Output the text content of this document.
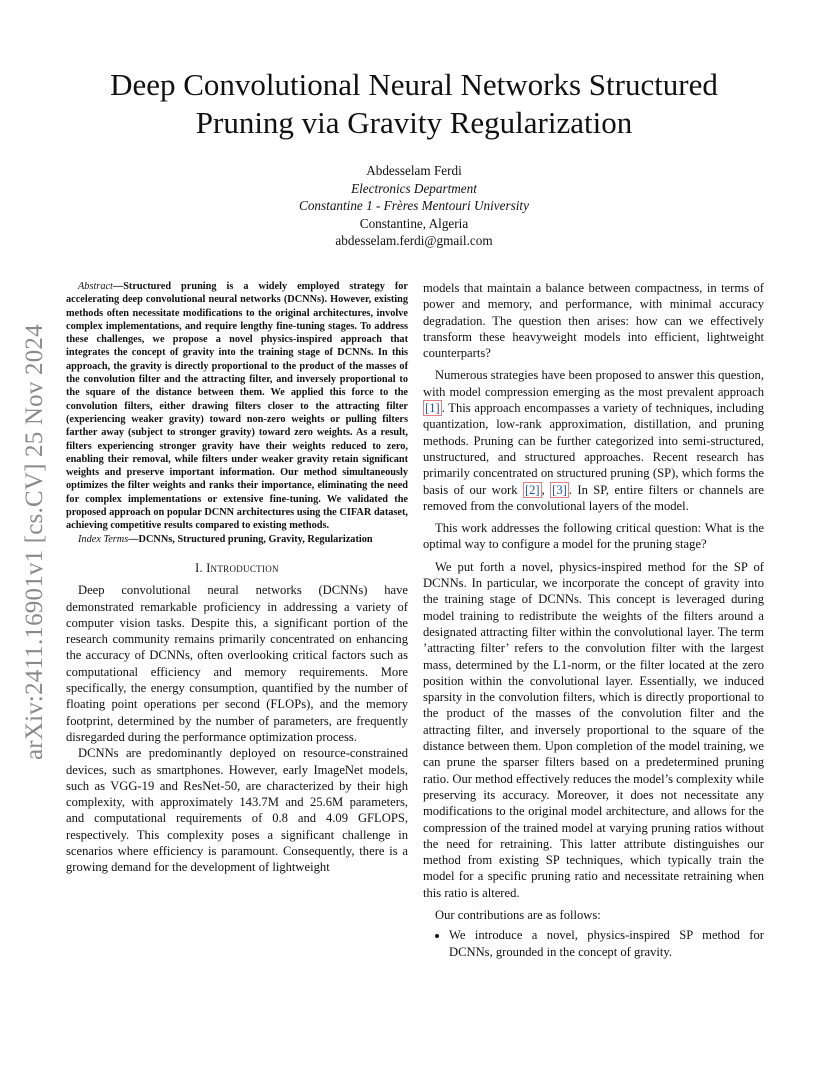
Deep Convolutional Neural Networks Structured
Pruning via Gravity Regularization
Abdesselam Ferdi
Electronics Department
Constantine 1 - Frères Mentouri University
Constantine, Algeria
abdesselam.ferdi@gmail.com
arXiv:2411.16901v1 [cs.CV] 25 Nov 2024

Abstract—Structured pruning is a widely employed strategy for accelerating deep convolutional neural networks (DCNNs). However, existing methods often necessitate modifications to the original architectures, involve complex implementations, and require lengthy fine-tuning stages. To address these challenges, we propose a novel physics-inspired approach that integrates the concept of gravity into the training stage of DCNNs. In this approach, the gravity is directly proportional to the product of the masses of the convolution filter and the attracting filter, and inversely proportional to the square of the distance between them. We applied this force to the convolution filters, either drawing filters closer to the attracting filter (experiencing weaker gravity) toward non-zero weights or pulling filters farther away (subject to stronger gravity) toward zero weights. As a result, filters experiencing stronger gravity have their weights reduced to zero, enabling their removal, while filters under weaker gravity retain significant weights and preserve important information. Our method simultaneously optimizes the filter weights and ranks their importance, eliminating the need for complex implementations or extensive fine-tuning. We validated the proposed approach on popular DCNN architectures using the CIFAR dataset, achieving competitive results compared to existing methods.

Index Terms—DCNNs, Structured pruning, Gravity, Regularization

I. Introduction

Deep convolutional neural networks (DCNNs) have demonstrated remarkable proficiency in addressing a variety of computer vision tasks. Despite this, a significant portion of the research community remains primarily concentrated on enhancing the accuracy of DCNNs, often overlooking critical factors such as computational efficiency and memory requirements. More specifically, the energy consumption, quantified by the number of floating point operations per second (FLOPs), and the memory footprint, determined by the number of parameters, are frequently disregarded during the performance optimization process.

DCNNs are predominantly deployed on resource-constrained devices, such as smartphones. However, early ImageNet models, such as VGG-19 and ResNet-50, are characterized by their high complexity, with approximately 143.7M and 25.6M parameters, and computational requirements of 0.8 and 4.09 GFLOPS, respectively. This complexity poses a significant challenge in scenarios where efficiency is paramount. Consequently, there is a growing demand for the development of lightweight

models that maintain a balance between compactness, in terms of power and memory, and performance, with minimal accuracy degradation. The question then arises: how can we effectively transform these heavyweight models into efficient, lightweight counterparts?

Numerous strategies have been proposed to answer this question, with model compression emerging as the most prevalent approach [1] . This approach encompasses a variety of techniques, including quantization, low-rank approximation, distillation, and pruning methods. Pruning can be further categorized into semi-structured, unstructured, and structured approaches. Recent research has primarily concentrated on structured pruning (SP), which forms the basis of our work [2] , [3] . In SP, entire filters or channels are removed from the convolutional layers of the model.

This work addresses the following critical question: What is the optimal way to configure a model for the pruning stage?

We put forth a novel, physics-inspired method for the SP of DCNNs. In particular, we incorporate the concept of gravity into the training stage of DCNNs. This concept is leveraged during model training to redistribute the weights of the filters around a designated attracting filter within the convolutional layer. The term ’attracting filter’ refers to the convolution filter with the largest mass, determined by the L1-norm, or the filter located at the zero position within the convolutional layer. Essentially, we induced sparsity in the convolution filters, which is directly proportional to the product of the masses of the convolution filter and the attracting filter, and inversely proportional to the square of the distance between them. Upon completion of the model training, we can prune the sparser filters based on a predetermined pruning ratio. Our method effectively reduces the model’s complexity while preserving its accuracy. Moreover, it does not necessitate any modifications to the original model architecture, and allows for the compression of the trained model at varying pruning ratios without the need for retraining. This latter attribute distinguishes our method from existing SP techniques, which typically train the model for a specific pruning ratio and necessitate retraining when this ratio is altered.

Our contributions are as follows:

• We introduce a novel, physics-inspired SP method for DCNNs, grounded in the concept of gravity.
